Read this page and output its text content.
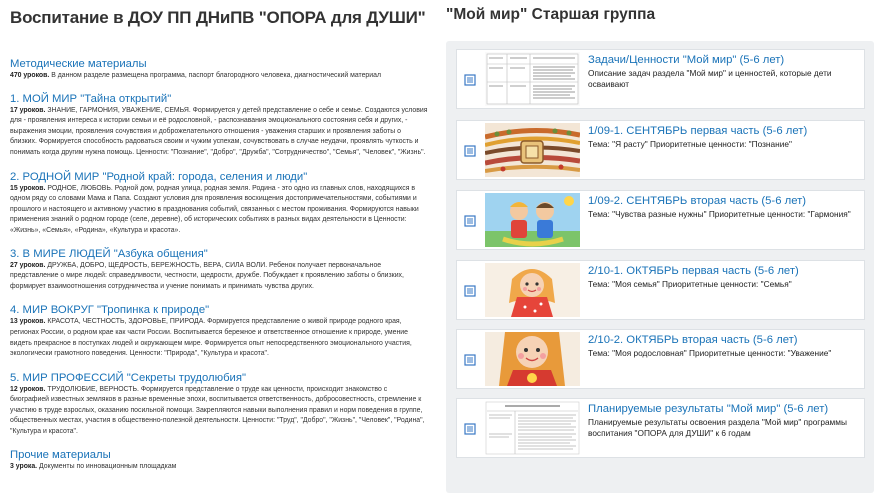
Воспитание в ДОУ ПП ДНиПВ "ОПОРА для ДУШИ"
Методические материалы
470 уроков. В данном разделе размещена программа, паспорт благородного человека, диагностический материал
1. МОЙ МИР "Тайна открытий"
17 уроков. ЗНАНИЕ, ГАРМОНИЯ, УВАЖЕНИЕ, СЕМЬЯ. Формируется у детей представление о себе и семье. Создаются условия для - проявления интереса к истории семьи и её родословной, - распознавания эмоционального состояния себя и других, - выражения эмоции, проявления сочувствия и доброжелательного отношения - уважения старших и проявления заботы о близких. Формируется способность радоваться своим и чужим успехам, сочувствовать в случае неудачи, проявлять чуткость и понимать когда другим нужна помощь. Ценности: "Познание", "Добро", "Дружба", "Сотрудничество", "Семья", "Человек", "Жизнь".
2. РОДНОЙ МИР "Родной край: города, селения и люди"
15 уроков. РОДНОЕ, ЛЮБОВЬ. Родной дом, родная улица, родная земля. Родина - это одно из главных слов, находящихся в одном ряду со словами Мама и Папа. Создают условия для проявления восхищения достопримечательностями, событиями и прошлого и настоящего и активному участию в празднования событий, связанных с местом проживания. Формируются навыки применения знаний о родном городе (селе, деревне), об исторических событиях в разных видах деятельности в Ценности: «Жизнь», «Семья», «Родина», «Культура и красота».
3. В МИРЕ ЛЮДЕЙ "Азбука общения"
27 уроков. ДРУЖБА, ДОБРО, ЩЕДРОСТЬ, БЕРЕЖНОСТЬ, ВЕРА, СИЛА ВОЛИ. Ребенок получает первоначальное представление о мире людей: справедливости, честности, щедрости, дружбе. Побуждает к проявлению заботы о близких, формирует взаимоотношения сотрудничества и учение понимать и принимать чувства других.
4. МИР ВОКРУГ "Тропинка к природе"
13 уроков. КРАСОТА, ЧЕСТНОСТЬ, ЗДОРОВЬЕ, ПРИРОДА. Формируется представление о живой природе родного края, регионах России, о родном крае как части России. Воспитывается бережное и ответственное отношение к природе, умение видеть прекрасное в поступках людей и окружающем мире. Формируется опыт непосредственного эмоционального участия, экологически грамотного поведения. Ценности: "Природа", "Культура и красота".
5. МИР ПРОФЕССИЙ "Секреты трудолюбия"
12 уроков. ТРУДОЛЮБИЕ, ВЕРНОСТЬ. Формируется представление о труде как ценности, происходит знакомство с биографией известных земляков в разные временные эпохи, воспитывается ответственность, добросовестность, стремление к участию в труде взрослых, оказанию посильной помощи. Закрепляются навыки выполнения правил и норм поведения в группе, общественных местах, участия в общественно-полезной деятельности. Ценности: "Труд", "Добро", "Жизнь", "Человек", "Родина", "Культура и красота".
Прочие материалы
3 урока. Документы по инновационным площадкам
"Мой мир" Старшая группа
Задачи/Ценности "Мой мир" (5-6 лет)
Описание задач раздела "Мой мир" и ценностей, которые дети осваивают
1/09-1. СЕНТЯБРЬ первая часть (5-6 лет)
Тема: "Я расту" Приоритетные ценности: "Познание"
1/09-2. СЕНТЯБРЬ вторая часть (5-6 лет)
Тема: "Чувства разные нужны" Приоритетные ценности: "Гармония"
2/10-1. ОКТЯБРЬ первая часть (5-6 лет)
Тема: "Моя семья" Приоритетные ценности: "Семья"
2/10-2. ОКТЯБРЬ вторая часть (5-6 лет)
Тема: "Моя родословная" Приоритетные ценности: "Уважение"
Планируемые результаты "Мой мир" (5-6 лет)
Планируемые результаты освоения раздела "Мой мир" программы воспитания "ОПОРА для ДУШИ" к 6 годам
